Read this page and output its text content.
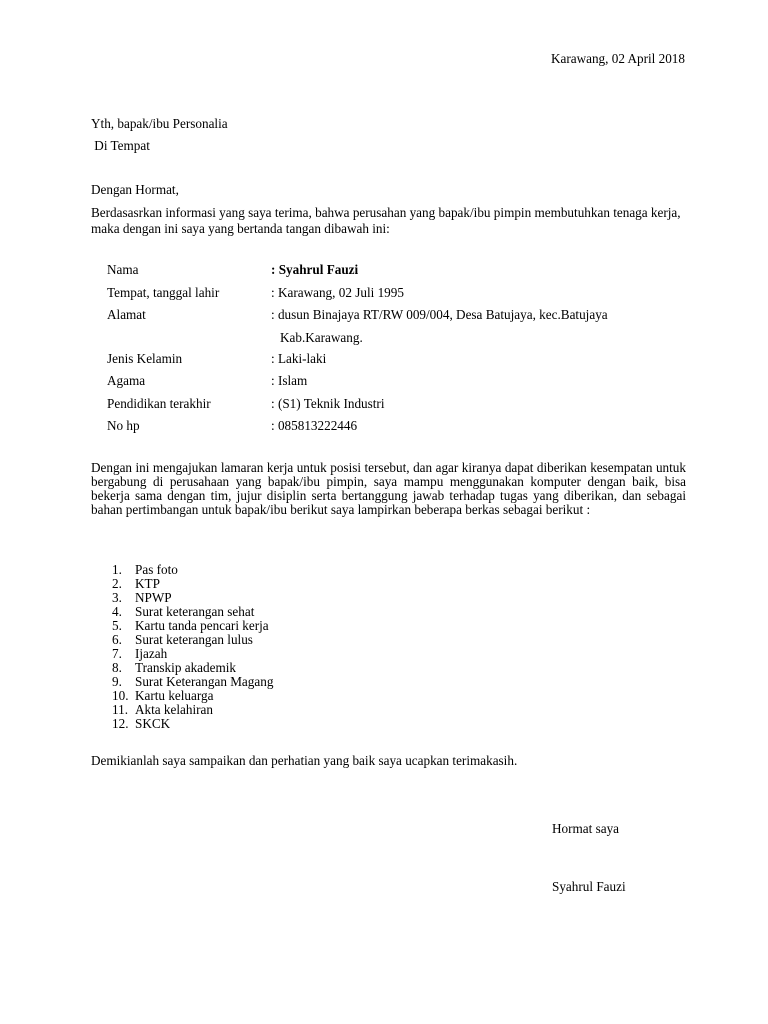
Karawang, 02 April 2018
Yth, bapak/ibu Personalia
Di Tempat
Dengan Hormat,
Berdasasrkan informasi yang saya terima, bahwa perusahan yang bapak/ibu pimpin membutuhkan tenaga kerja, maka dengan ini saya yang bertanda tangan dibawah ini:
Nama	: Syahrul Fauzi
Tempat, tanggal lahir	: Karawang, 02 Juli 1995
Alamat	: dusun Binajaya RT/RW 009/004, Desa Batujaya, kec.Batujaya
Kab.Karawang.
Jenis Kelamin	: Laki-laki
Agama	: Islam
Pendidikan terakhir	: (S1) Teknik Industri
No hp	: 085813222446
Dengan ini mengajukan lamaran kerja untuk posisi tersebut, dan agar kiranya dapat diberikan kesempatan untuk bergabung di perusahaan yang bapak/ibu pimpin, saya mampu menggunakan komputer dengan baik, bisa bekerja sama dengan tim, jujur disiplin serta bertanggung jawab terhadap tugas yang diberikan, dan sebagai bahan pertimbangan untuk bapak/ibu berikut saya lampirkan beberapa berkas sebagai berikut :
1. Pas foto
2. KTP
3. NPWP
4. Surat keterangan sehat
5. Kartu tanda pencari kerja
6. Surat keterangan lulus
7. Ijazah
8. Transkip akademik
9. Surat Keterangan Magang
10. Kartu keluarga
11. Akta kelahiran
12. SKCK
Demikianlah saya sampaikan dan perhatian yang baik saya ucapkan terimakasih.
Hormat saya
Syahrul Fauzi
